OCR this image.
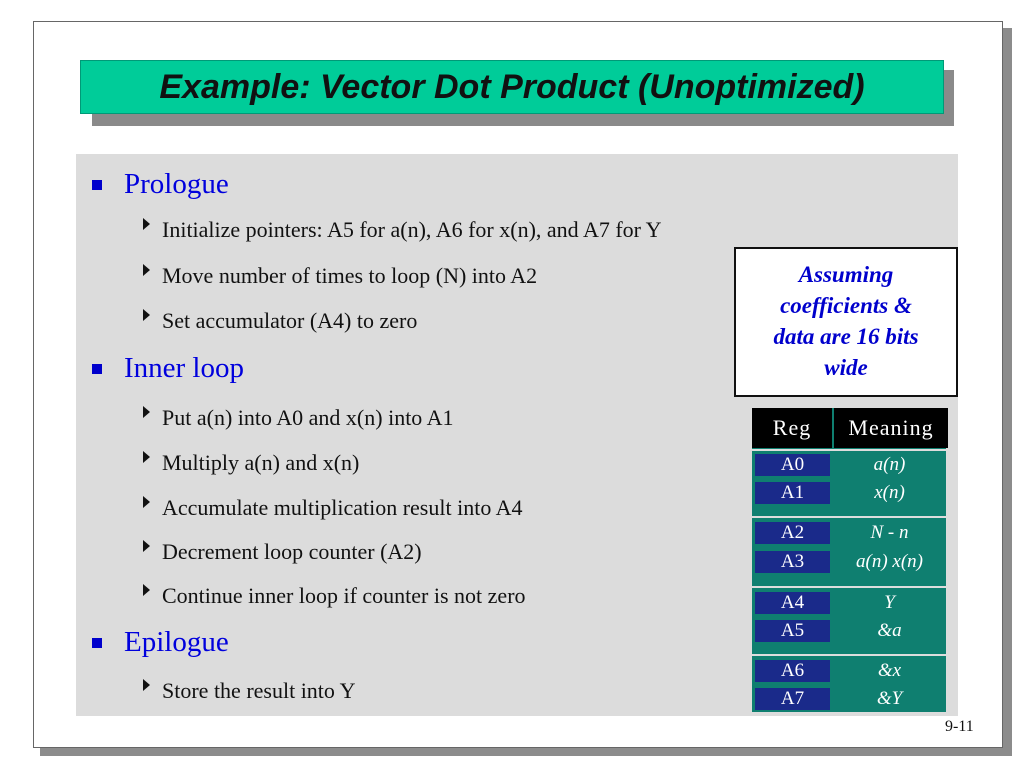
Example: Vector Dot Product (Unoptimized)
Prologue
Initialize pointers: A5 for a(n), A6 for x(n), and A7 for Y
Move number of times to loop (N) into A2
Set accumulator (A4) to zero
Inner loop
Put a(n) into A0 and x(n) into A1
Multiply a(n) and x(n)
Accumulate multiplication result into A4
Decrement loop counter (A2)
Continue inner loop if counter is not zero
Epilogue
Store the result into Y
Assuming
coefficients &
data are 16 bits
wide
Reg	Meaning
A0	a(n)
A1	x(n)
A2	N - n
A3	a(n) x(n)
A4	Y
A5	&a
A6	&x
A7	&Y
9-11
